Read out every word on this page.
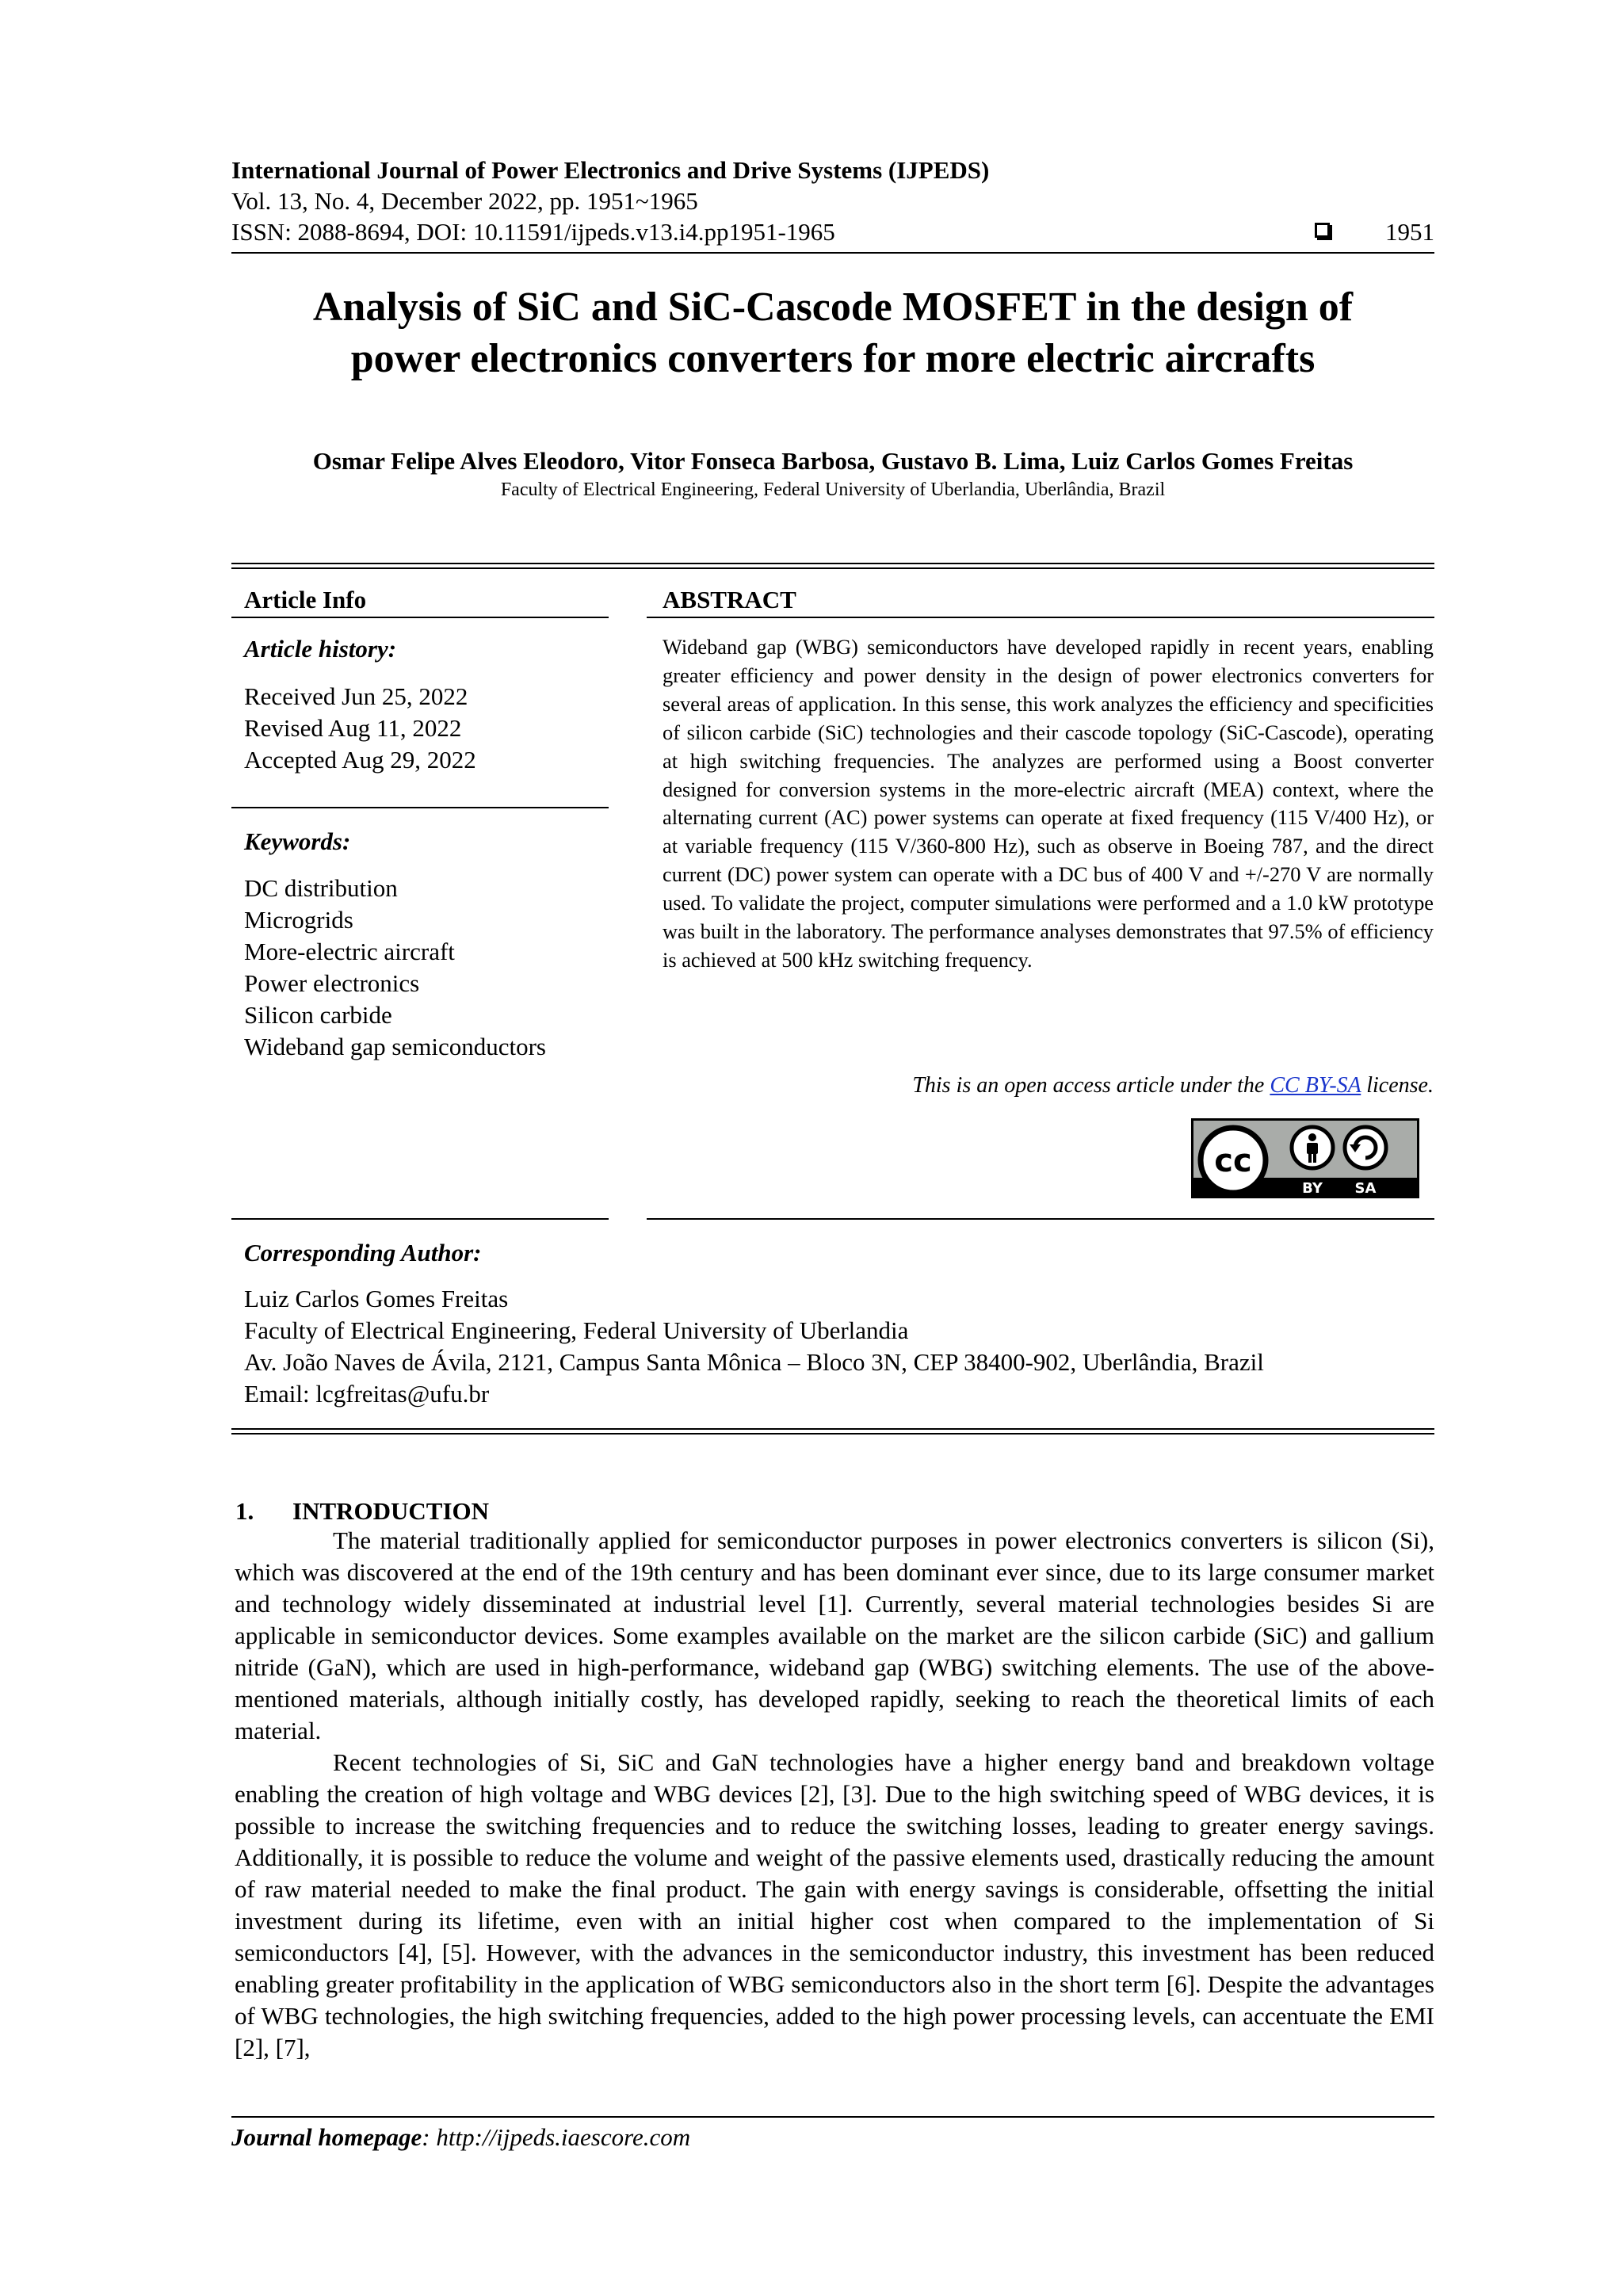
International Journal of Power Electronics and Drive Systems (IJPEDS)
Vol. 13, No. 4, December 2022, pp. 1951~1965
ISSN: 2088-8694, DOI: 10.11591/ijpeds.v13.i4.pp1951-1965	1951
Analysis of SiC and SiC-Cascode MOSFET in the design of
power electronics converters for more electric aircrafts
Osmar Felipe Alves Eleodoro, Vitor Fonseca Barbosa, Gustavo B. Lima, Luiz Carlos Gomes Freitas
Faculty of Electrical Engineering, Federal University of Uberlandia, Uberlândia, Brazil
Article Info
Article history:
Received Jun 25, 2022
Revised Aug 11, 2022
Accepted Aug 29, 2022
Keywords:
DC distribution
Microgrids
More-electric aircraft
Power electronics
Silicon carbide
Wideband gap semiconductors
ABSTRACT
Wideband gap (WBG) semiconductors have developed rapidly in recent years, enabling greater efficiency and power density in the design of power electronics converters for several areas of application. In this sense, this work analyzes the efficiency and specificities of silicon carbide (SiC) technologies and their cascode topology (SiC-Cascode), operating at high switching frequencies. The analyzes are performed using a Boost converter designed for conversion systems in the more-electric aircraft (MEA) context, where the alternating current (AC) power systems can operate at fixed frequency (115 V/400 Hz), or at variable frequency (115 V/360-800 Hz), such as observe in Boeing 787, and the direct current (DC) power system can operate with a DC bus of 400 V and +/-270 V are normally used. To validate the project, computer simulations were performed and a 1.0 kW prototype was built in the laboratory. The performance analyses demonstrates that 97.5% of efficiency is achieved at 500 kHz switching frequency.
This is an open access article under the CC BY-SA license.
cc
BY SA
Corresponding Author:
Luiz Carlos Gomes Freitas
Faculty of Electrical Engineering, Federal University of Uberlandia
Av. João Naves de Ávila, 2121, Campus Santa Mônica – Bloco 3N, CEP 38400-902, Uberlândia, Brazil
Email: lcgfreitas@ufu.br
1. INTRODUCTION

The material traditionally applied for semiconductor purposes in power electronics converters is silicon (Si), which was discovered at the end of the 19th century and has been dominant ever since, due to its large consumer market and technology widely disseminated at industrial level [1]. Currently, several material technologies besides Si are applicable in semiconductor devices. Some examples available on the market are the silicon carbide (SiC) and gallium nitride (GaN), which are used in high-performance, wideband gap (WBG) switching elements. The use of the above-mentioned materials, although initially costly, has developed rapidly, seeking to reach the theoretical limits of each material.

Recent technologies of Si, SiC and GaN technologies have a higher energy band and breakdown voltage enabling the creation of high voltage and WBG devices [2], [3]. Due to the high switching speed of WBG devices, it is possible to increase the switching frequencies and to reduce the switching losses, leading to greater energy savings. Additionally, it is possible to reduce the volume and weight of the passive elements used, drastically reducing the amount of raw material needed to make the final product. The gain with energy savings is considerable, offsetting the initial investment during its lifetime, even with an initial higher cost when compared to the implementation of Si semiconductors [4], [5]. However, with the advances in the semiconductor industry, this investment has been reduced enabling greater profitability in the application of WBG semiconductors also in the short term [6]. Despite the advantages of WBG technologies, the high switching frequencies, added to the high power processing levels, can accentuate the EMI [2], [7],

Journal homepage: http://ijpeds.iaescore.com
